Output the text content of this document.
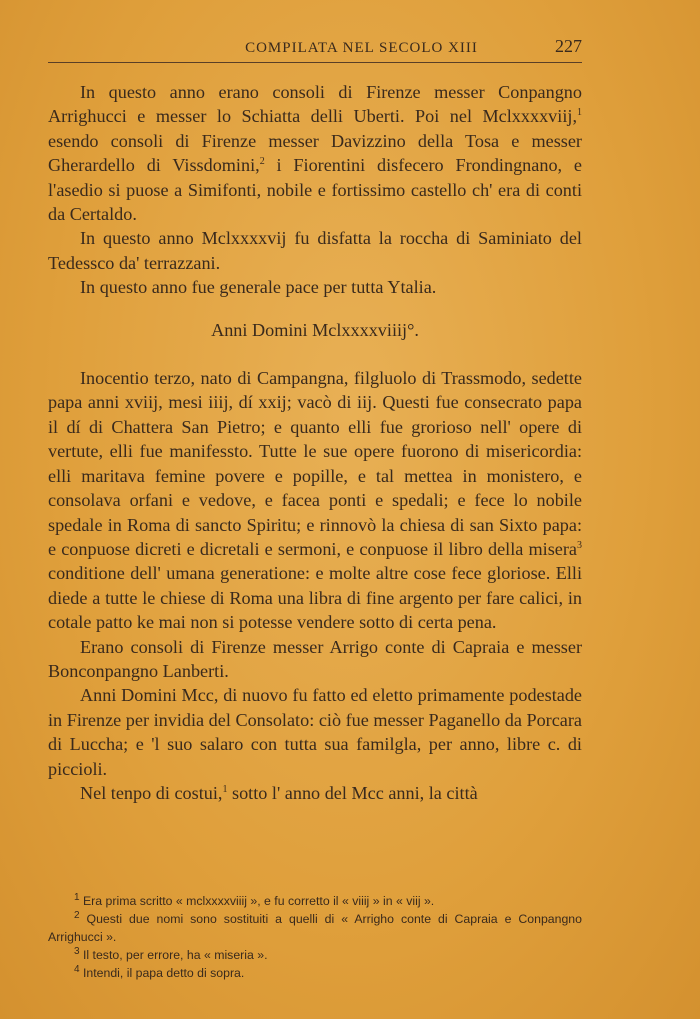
COMPILATA NEL SECOLO XIII	227

In questo anno erano consoli di Firenze messer Conpangno Arrighucci e messer lo Schiatta delli Uberti. Poi nel Mclxxxxviij,$^1$ esendo consoli di Firenze messer Davizzino della Tosa e messer Gherardello di Vissdomini,$^2$ i Fiorentini disfecero Frondingnano, e l'asedio si puose a Simifonti, nobile e fortissimo castello ch' era di conti da Certaldo.

In questo anno Mclxxxxvij fu disfatta la roccha di Saminiato del Tedessco da' terrazzani.

In questo anno fue generale pace per tutta Ytalia.

Anni Domini Mclxxxxviiij°.

Inocentio terzo, nato di Campangna, filgluolo di Trassmodo, sedette papa anni xviij, mesi iiij, dí xxij; vacò di iij. Questi fue consecrato papa il dí di Chattera San Pietro; e quanto elli fue grorioso nell' opere di vertute, elli fue manifessto. Tutte le sue opere fuorono di misericordia: elli maritava femine povere e popille, e tal mettea in monistero, e consolava orfani e vedove, e facea ponti e spedali; e fece lo nobile spedale in Roma di sancto Spiritu; e rinnovò la chiesa di san Sixto papa: e conpuose dicreti e dicretali e sermoni, e conpuose il libro della misera$^3$ conditione dell' umana generatione: e molte altre cose fece gloriose. Elli diede a tutte le chiese di Roma una libra di fine argento per fare calici, in cotale patto ke mai non si potesse vendere sotto di certa pena.

Erano consoli di Firenze messer Arrigo conte di Capraia e messer Bonconpangno Lanberti.

Anni Domini Mcc, di nuovo fu fatto ed eletto primamente podestade in Firenze per invidia del Consolato: ciò fue messer Paganello da Porcara di Luccha; e 'l suo salaro con tutta sua familgla, per anno, libre c. di piccioli.

Nel tenpo di costui,$^1$ sotto l' anno del Mcc anni, la città

$^1$ Era prima scritto « mclxxxxviiij », e fu corretto il « viiij » in « viij ».

$^2$ Questi due nomi sono sostituiti a quelli di « Arrigho conte di Capraia e Conpangno Arrighucci ».

$^3$ Il testo, per errore, ha « miseria ».

$^4$ Intendi, il papa detto di sopra.
